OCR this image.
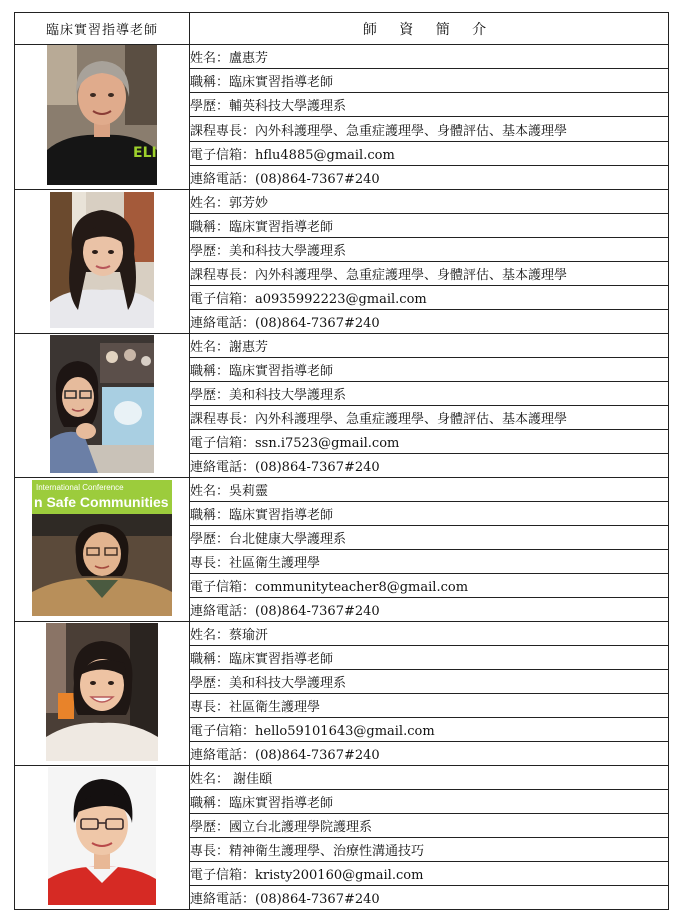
臨床實習指導老師	師 資 簡 介

ELI	姓名：盧惠芳
	職稱：臨床實習指導老師
	學歷：輔英科技大學護理系
	課程專長：內外科護理學、急重症護理學、身體評估、基本護理學
	電子信箱：hflu4885@gmail.com
	連絡電話：(08)864-7367#240

	姓名：郭芳妙
	職稱：臨床實習指導老師
	學歷：美和科技大學護理系
	課程專長：內外科護理學、急重症護理學、身體評估、基本護理學
	電子信箱：a0935992223@gmail.com
	連絡電話：(08)864-7367#240

	姓名：謝惠芳
	職稱：臨床實習指導老師
	學歷：美和科技大學護理系
	課程專長：內外科護理學、急重症護理學、身體評估、基本護理學
	電子信箱：ssn.i7523@gmail.com
	連絡電話：(08)864-7367#240

International Conference
n Safe Communities	姓名：吳莉靈
	職稱：臨床實習指導老師
	學歷：台北健康大學護理系
	專長：社區衛生護理學
	電子信箱：communityteacher8@gmail.com
	連絡電話：(08)864-7367#240

	姓名：蔡瑜汧
	職稱：臨床實習指導老師
	學歷：美和科技大學護理系
	專長：社區衛生護理學
	電子信箱：hello59101643@gmail.com
	連絡電話：(08)864-7367#240

	姓名： 謝佳頤
	職稱：臨床實習指導老師
	學歷：國立台北護理學院護理系
	專長：精神衛生護理學、治療性溝通技巧
	電子信箱：kristy200160@gmail.com
	連絡電話：(08)864-7367#240
